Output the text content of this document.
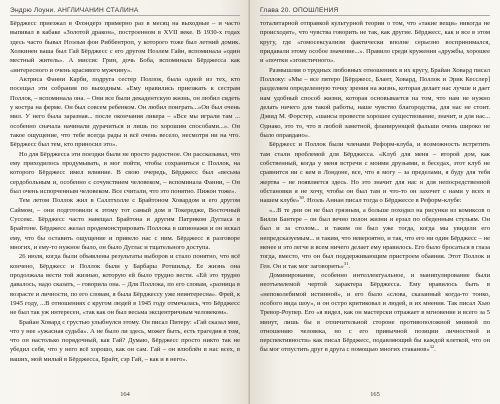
Эндрю Лоуни. АНГЛИЧАНИН СТАЛИНА

Бёрджесс приезжал в Флэндерз примерно раз в месяц на выходные – и часто выпивал в кабаке «Золотой дракон», построенном в XVII веке. В 1930-х годах здесь часто бывал Ноэльм фон Риббентроп, у которого тоже был летний домик. Холкинен ваша был Гай Бёрджесс с его другом Ноэлем Гайн, вспоминала «один местный житель». А миссис Грин, дочь Боба, вспоминала Бёрджесса как «интересного и очень красивого мужчину».

Актриса Фанни Карби, подруга сестер Поллок, была одной из тех, кто посещал эти собрания по выходным. «Ему нравились приезжать к сестрам Поллок, – вспоминала она. – Они все были декадентскую жизнь, он любил сидеть у костра на ферме. Он был совсем ребенком. Он любил поиграть...»Он был очень мил. У него была заразная... после окончания ликера – «Все мы играли там ... особенно сначала начинали дурачиться и лишь по хорошим способами...». Он такое ощущение, что тебе всегда рады и всё очень весело, несмотря ни на что. Бёрджесс был тем, кто приносил это».

Но для Бёрджесса эти поездки были не просто радостное. Он рассказывал, что ему приходилось продумывать, и мог пойти, чтобы сохраниться с Поллок, на которого Бёрджесс имел влияние. В свою очередь, Бёрджесс был «весьма сердобольным и, особенно с сочувствием человеком, – вспоминала Фанни, – Он был очень испорченным человеком. Все считали, что это понятно. Пижон тоже».

Тем летом Поллок жил в Саллтхолле с Брайтоном Ховардом и его другом Саймом, – они подготовили к этому тот самый дом в Токередже, Восточный Суссекс. Бёрджесс часто навещал Брайтона и другим Патриком Дугласа в Брайтоне. Бёрджесс желал продемонстрировать Поллока в шпионажи и он искал ему, что бы оставить ощущение и привело нас с ним. Бёрджесс в разговоре многих, и ему-то нужное было, он было Дуглас и тщательного доступа.

26 июля, когда были объявлены результаты выборов и стало понятно, что всё кончено, Бёрджесс и Поллок были у Барбары Ротшильд. Ее жизнь она продолжала вести той жизнью, которую ей было трудно вести. «Ей это трудно давалось, надо сказать, – говорила она. – Для Поллока, по его словам, «разница в возрасте и личности, по его словам, я была Бёрджессу уже неинтересна». Фрей, к 1945 году, ...В отношениях с кругом людей в 1945 году отмечалась, что Бёрджесс не был так уж интересен, «так как он был весьма эксцентричным человеком».

Брайан Ховард с грустью улыбнулся этому. Он писал Питеру: «Гай сказал мне, что у нее «ужасная судьба». А не было ли здесь, может быть, есть трагедия в том, что он настолько порядочный, как Гай? Думаю, Бёрджесс просто никто так не убедил себя, что у него всё хорошо, как он сам. Гай – он влюблён в нас всех, в ваших, мой милый в Бёрджесса, Брайт, сэр Гай, – как и в него».

164
Глава 20. ОПОШЛЕНИЯ

тоталитарной отправкой культурной теории о том, что «такие вещи» никогда не происходят», что чувства говорить не так, как другие. Бёрджесс, как и все в этом кругу, где «гомосексуализм фактически вполне серьезно воспринимался, придавали этому особое значение...». Правило среди кружения «дружбы, хорошее и «почтки «эгоистичного».

Размышляя о трудных любовных отношениях в их кругу, Брайан Ховард писал Поллоку: «Мы – все пятеро [Бёрджесс, Блант, Ховард, Поллок и Эрик Кесслер] разделяем определенную точку зрения на жизнь, которая делает нас лучше и дает нам удобный способ жизни, которая основывается на том, что нам не нужно делать ничего для такой работы, наше чувство благородства, для нас не стоит. Дэвид М. Форстер, «шансы провести хорошее существование, значит, и для нас... Однако, это то, что в любой заметной, фланирующей фальши очень широко не было оправдано».

Бёрджесс и Поллок были членами Реформ-клуба, и возможность встретить там стали проблемой для Бёрджесса. «Клуб для меня – второй дом, как собственный, когда у меня встречи с моими друзьями, в беседах, этот клуб не сравнится ни с кем в Лондоне, все, что я могу – за пределами, я буду для тебя жертва – не появляется здесь. Но это значит для нас и для непосредственной обстановки я не хочу, чтобы он был там и что-то он захочет с нами у всех в нашем клубе»$^{30}$. Ноэль Аннан писал тогда о Бёрджессе в Реформ-клубе:

«...В те дни он не был грязным, а больше походил на рисунки из комиксов о Билли Бантере – он был вечно полон жизни и ерзал по обеденным стульям. Он был и за столом... и таким он был уже тогда, когда мы увидели его непредсказуемым... и таким, что невероятно, и так, что его ни один Бёрджесс – не менее и это легче и всем ничего делает ему нравилось. Его было бросаться в глаза тогда, вместо, что он был поддерживающим пристроем обаяния. Этот Поллок и Ген. Он и так мог заговорить»$^{31}$.

Доминирование, особенно интеллектуальное, и манипулирование были неотъемлемой чертой характера Бёрджесса. Ему нравилось быть в «непоколебимой истинной», и его было «слова, сказанный когда-то тонко, особого вида шоу», и он остро критиковал и людей, и их мнения. Так писал Хью Тревор-Роупер. Его «я видел, как он мастерски отражает в мгновение и всего за 5 минут, лишь бы в отличительной стороне противоположной мнимой по отношению человека, но с его привычной позиции личностной и перспективности» как писал Бёрджесс, подавляющий бы каждой клеткой, что он бы мог отпустить друг в друга с помощью многих стаканов»$^{32}$.

165
